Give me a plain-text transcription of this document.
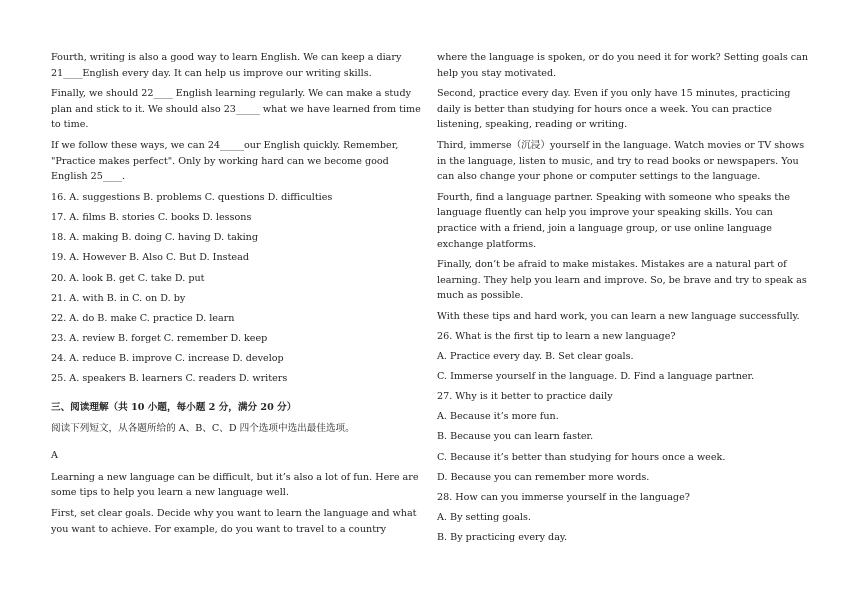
Fourth, writing is also a good way to learn English. We can keep a diary 21____English every day. It can help us improve our writing skills.

Finally, we should 22____ English learning regularly. We can make a study plan and stick to it. We should also 23_____ what we have learned from time to time.

If we follow these ways, we can 24_____our English quickly. Remember, "Practice makes perfect". Only by working hard can we become good English 25____.

16. A. suggestions B. problems C. questions D. difficulties
17. A. films B. stories C. books D. lessons
18. A. making B. doing C. having D. taking
19. A. However B. Also C. But D. Instead
20. A. look B. get C. take D. put
21. A. with B. in C. on D. by
22. A. do B. make C. practice D. learn
23. A. review B. forget C. remember D. keep
24. A. reduce B. improve C. increase D. develop
25. A. speakers B. learners C. readers D. writers

三、阅读理解（共 10 小题，每小题 2 分，满分 20 分）

阅读下列短文，从各题所给的 A、B、C、D 四个选项中选出最佳选项。

A

Learning a new language can be difficult, but it’s also a lot of fun. Here are some tips to help you learn a new language well.

First, set clear goals. Decide why you want to learn the language and what you want to achieve. For example, do you want to travel to a country

where the language is spoken, or do you need it for work? Setting goals can help you stay motivated.

Second, practice every day. Even if you only have 15 minutes, practicing daily is better than studying for hours once a week. You can practice listening, speaking, reading or writing.

Third, immerse（沉浸）yourself in the language. Watch movies or TV shows in the language, listen to music, and try to read books or newspapers. You can also change your phone or computer settings to the language.

Fourth, find a language partner. Speaking with someone who speaks the language fluently can help you improve your speaking skills. You can practice with a friend, join a language group, or use online language exchange platforms.

Finally, don’t be afraid to make mistakes. Mistakes are a natural part of learning. They help you learn and improve. So, be brave and try to speak as much as possible.

With these tips and hard work, you can learn a new language successfully.

26. What is the first tip to learn a new language?
A. Practice every day. B. Set clear goals.
C. Immerse yourself in the language. D. Find a language partner.
27. Why is it better to practice daily
A. Because it’s more fun.
B. Because you can learn faster.
C. Because it’s better than studying for hours once a week.
D. Because you can remember more words.
28. How can you immerse yourself in the language?
A. By setting goals.
B. By practicing every day.
